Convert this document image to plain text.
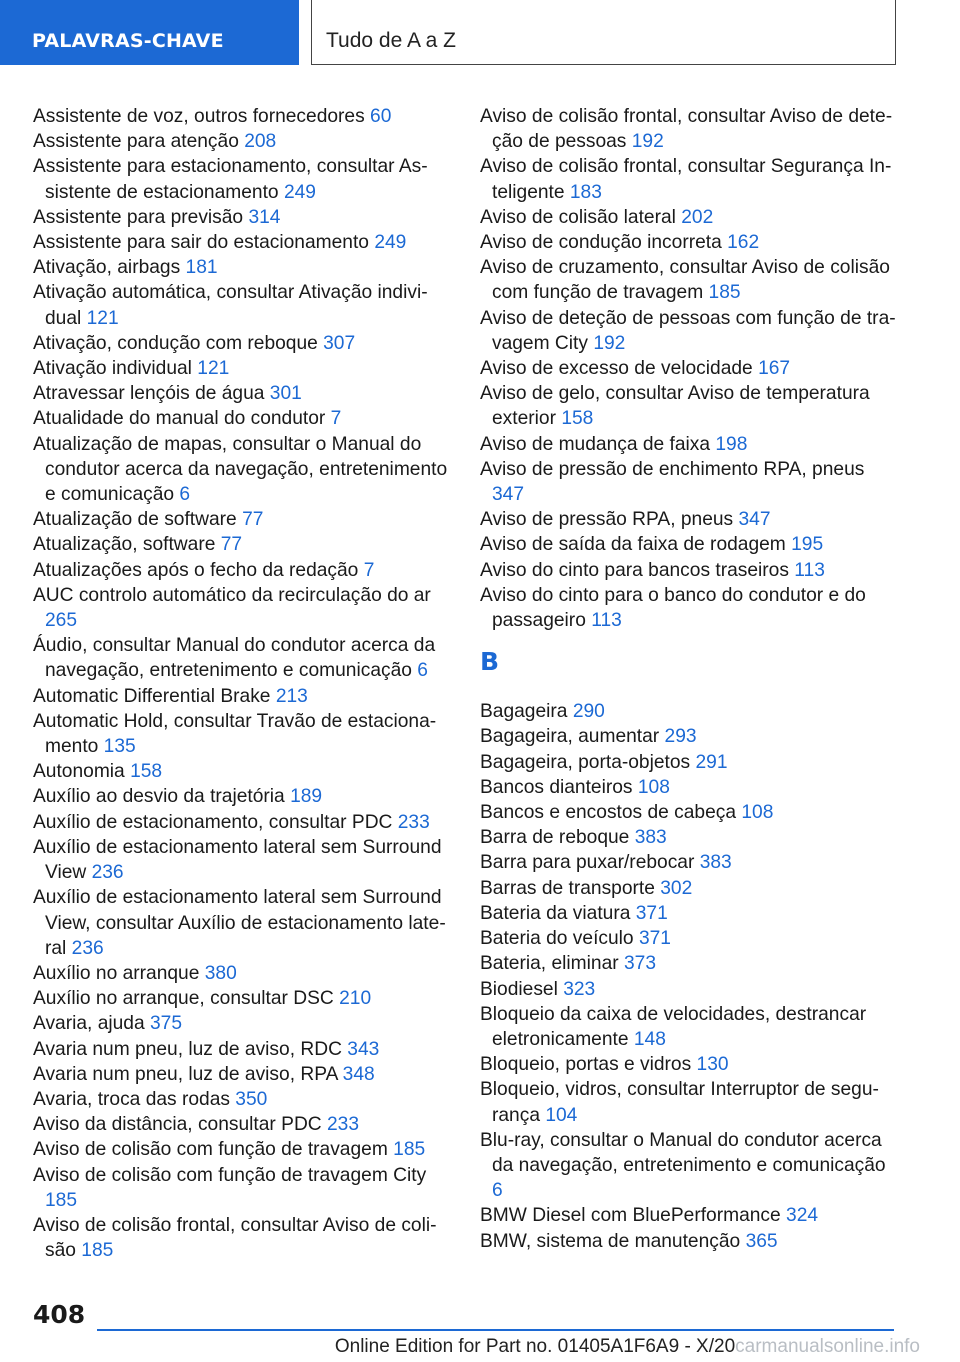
PALAVRAS-CHAVE	Tudo de A a Z
Assistente de voz, outros fornecedores 60
Assistente para atenção 208
Assistente para estacionamento, consultar Assistente de estacionamento 249
Assistente para previsão 314
Assistente para sair do estacionamento 249
Ativação, airbags 181
Ativação automática, consultar Ativação individual 121
Ativação, condução com reboque 307
Ativação individual 121
Atravessar lençóis de água 301
Atualidade do manual do condutor 7
Atualização de mapas, consultar o Manual do condutor acerca da navegação, entretenimento e comunicação 6
Atualização de software 77
Atualização, software 77
Atualizações após o fecho da redação 7
AUC controlo automático da recirculação do ar 265
Áudio, consultar Manual do condutor acerca da navegação, entretenimento e comunicação 6
Automatic Differential Brake 213
Automatic Hold, consultar Travão de estacionamento 135
Autonomia 158
Auxílio ao desvio da trajetória 189
Auxílio de estacionamento, consultar PDC 233
Auxílio de estacionamento lateral sem Surround View 236
Auxílio de estacionamento lateral sem Surround View, consultar Auxílio de estacionamento lateral 236
Auxílio no arranque 380
Auxílio no arranque, consultar DSC 210
Avaria, ajuda 375
Avaria num pneu, luz de aviso, RDC 343
Avaria num pneu, luz de aviso, RPA 348
Avaria, troca das rodas 350
Aviso da distância, consultar PDC 233
Aviso de colisão com função de travagem 185
Aviso de colisão com função de travagem City 185
Aviso de colisão frontal, consultar Aviso de colisão 185
Aviso de colisão frontal, consultar Aviso de deteção de pessoas 192
Aviso de colisão frontal, consultar Segurança Inteligente 183
Aviso de colisão lateral 202
Aviso de condução incorreta 162
Aviso de cruzamento, consultar Aviso de colisão com função de travagem 185
Aviso de deteção de pessoas com função de travagem City 192
Aviso de excesso de velocidade 167
Aviso de gelo, consultar Aviso de temperatura exterior 158
Aviso de mudança de faixa 198
Aviso de pressão de enchimento RPA, pneus 347
Aviso de pressão RPA, pneus 347
Aviso de saída da faixa de rodagem 195
Aviso do cinto para bancos traseiros 113
Aviso do cinto para o banco do condutor e do passageiro 113
B
Bagageira 290
Bagageira, aumentar 293
Bagageira, porta-objetos 291
Bancos dianteiros 108
Bancos e encostos de cabeça 108
Barra de reboque 383
Barra para puxar/rebocar 383
Barras de transporte 302
Bateria da viatura 371
Bateria do veículo 371
Bateria, eliminar 373
Biodiesel 323
Bloqueio da caixa de velocidades, destrancar eletronicamente 148
Bloqueio, portas e vidros 130
Bloqueio, vidros, consultar Interruptor de segurança 104
Blu-ray, consultar o Manual do condutor acerca da navegação, entretenimento e comunicação 6
BMW Diesel com BluePerformance 324
BMW, sistema de manutenção 365
408
Online Edition for Part no. 01405A1F6A9 - X/20carmanualsonline.info
